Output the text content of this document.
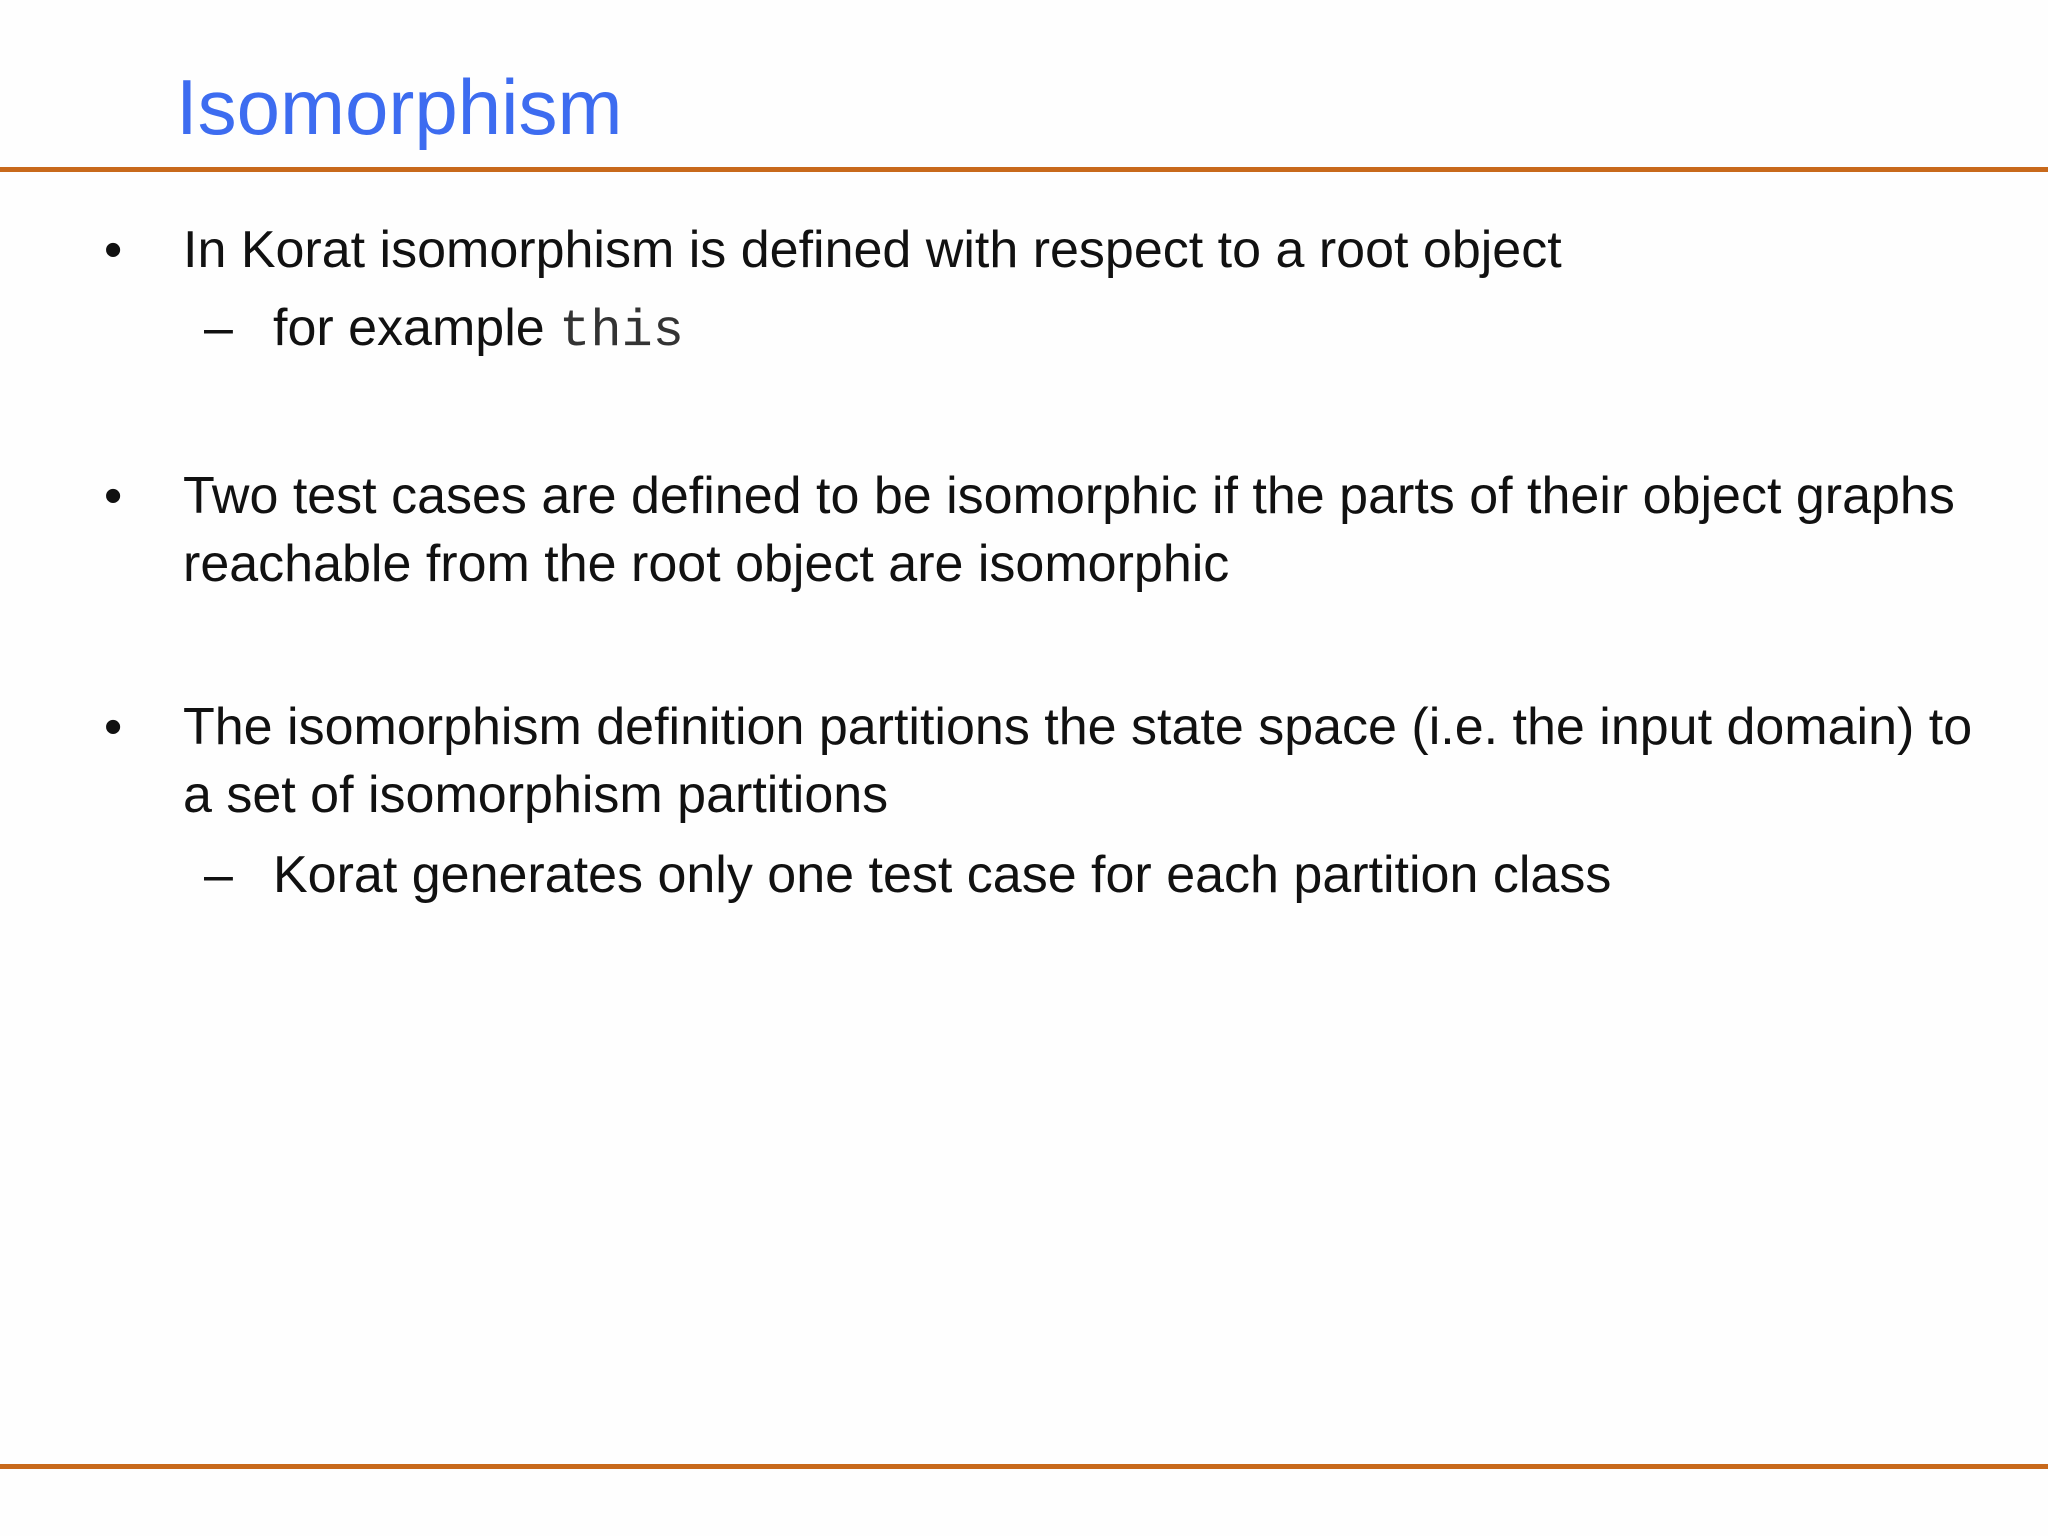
Isomorphism
• In Korat isomorphism is defined with respect to a root object

– for example this

• Two test cases are defined to be isomorphic if the parts of their object graphs reachable from the root object are isomorphic

• The isomorphism definition partitions the state space (i.e. the input domain) to a set of isomorphism partitions

– Korat generates only one test case for each partition class
